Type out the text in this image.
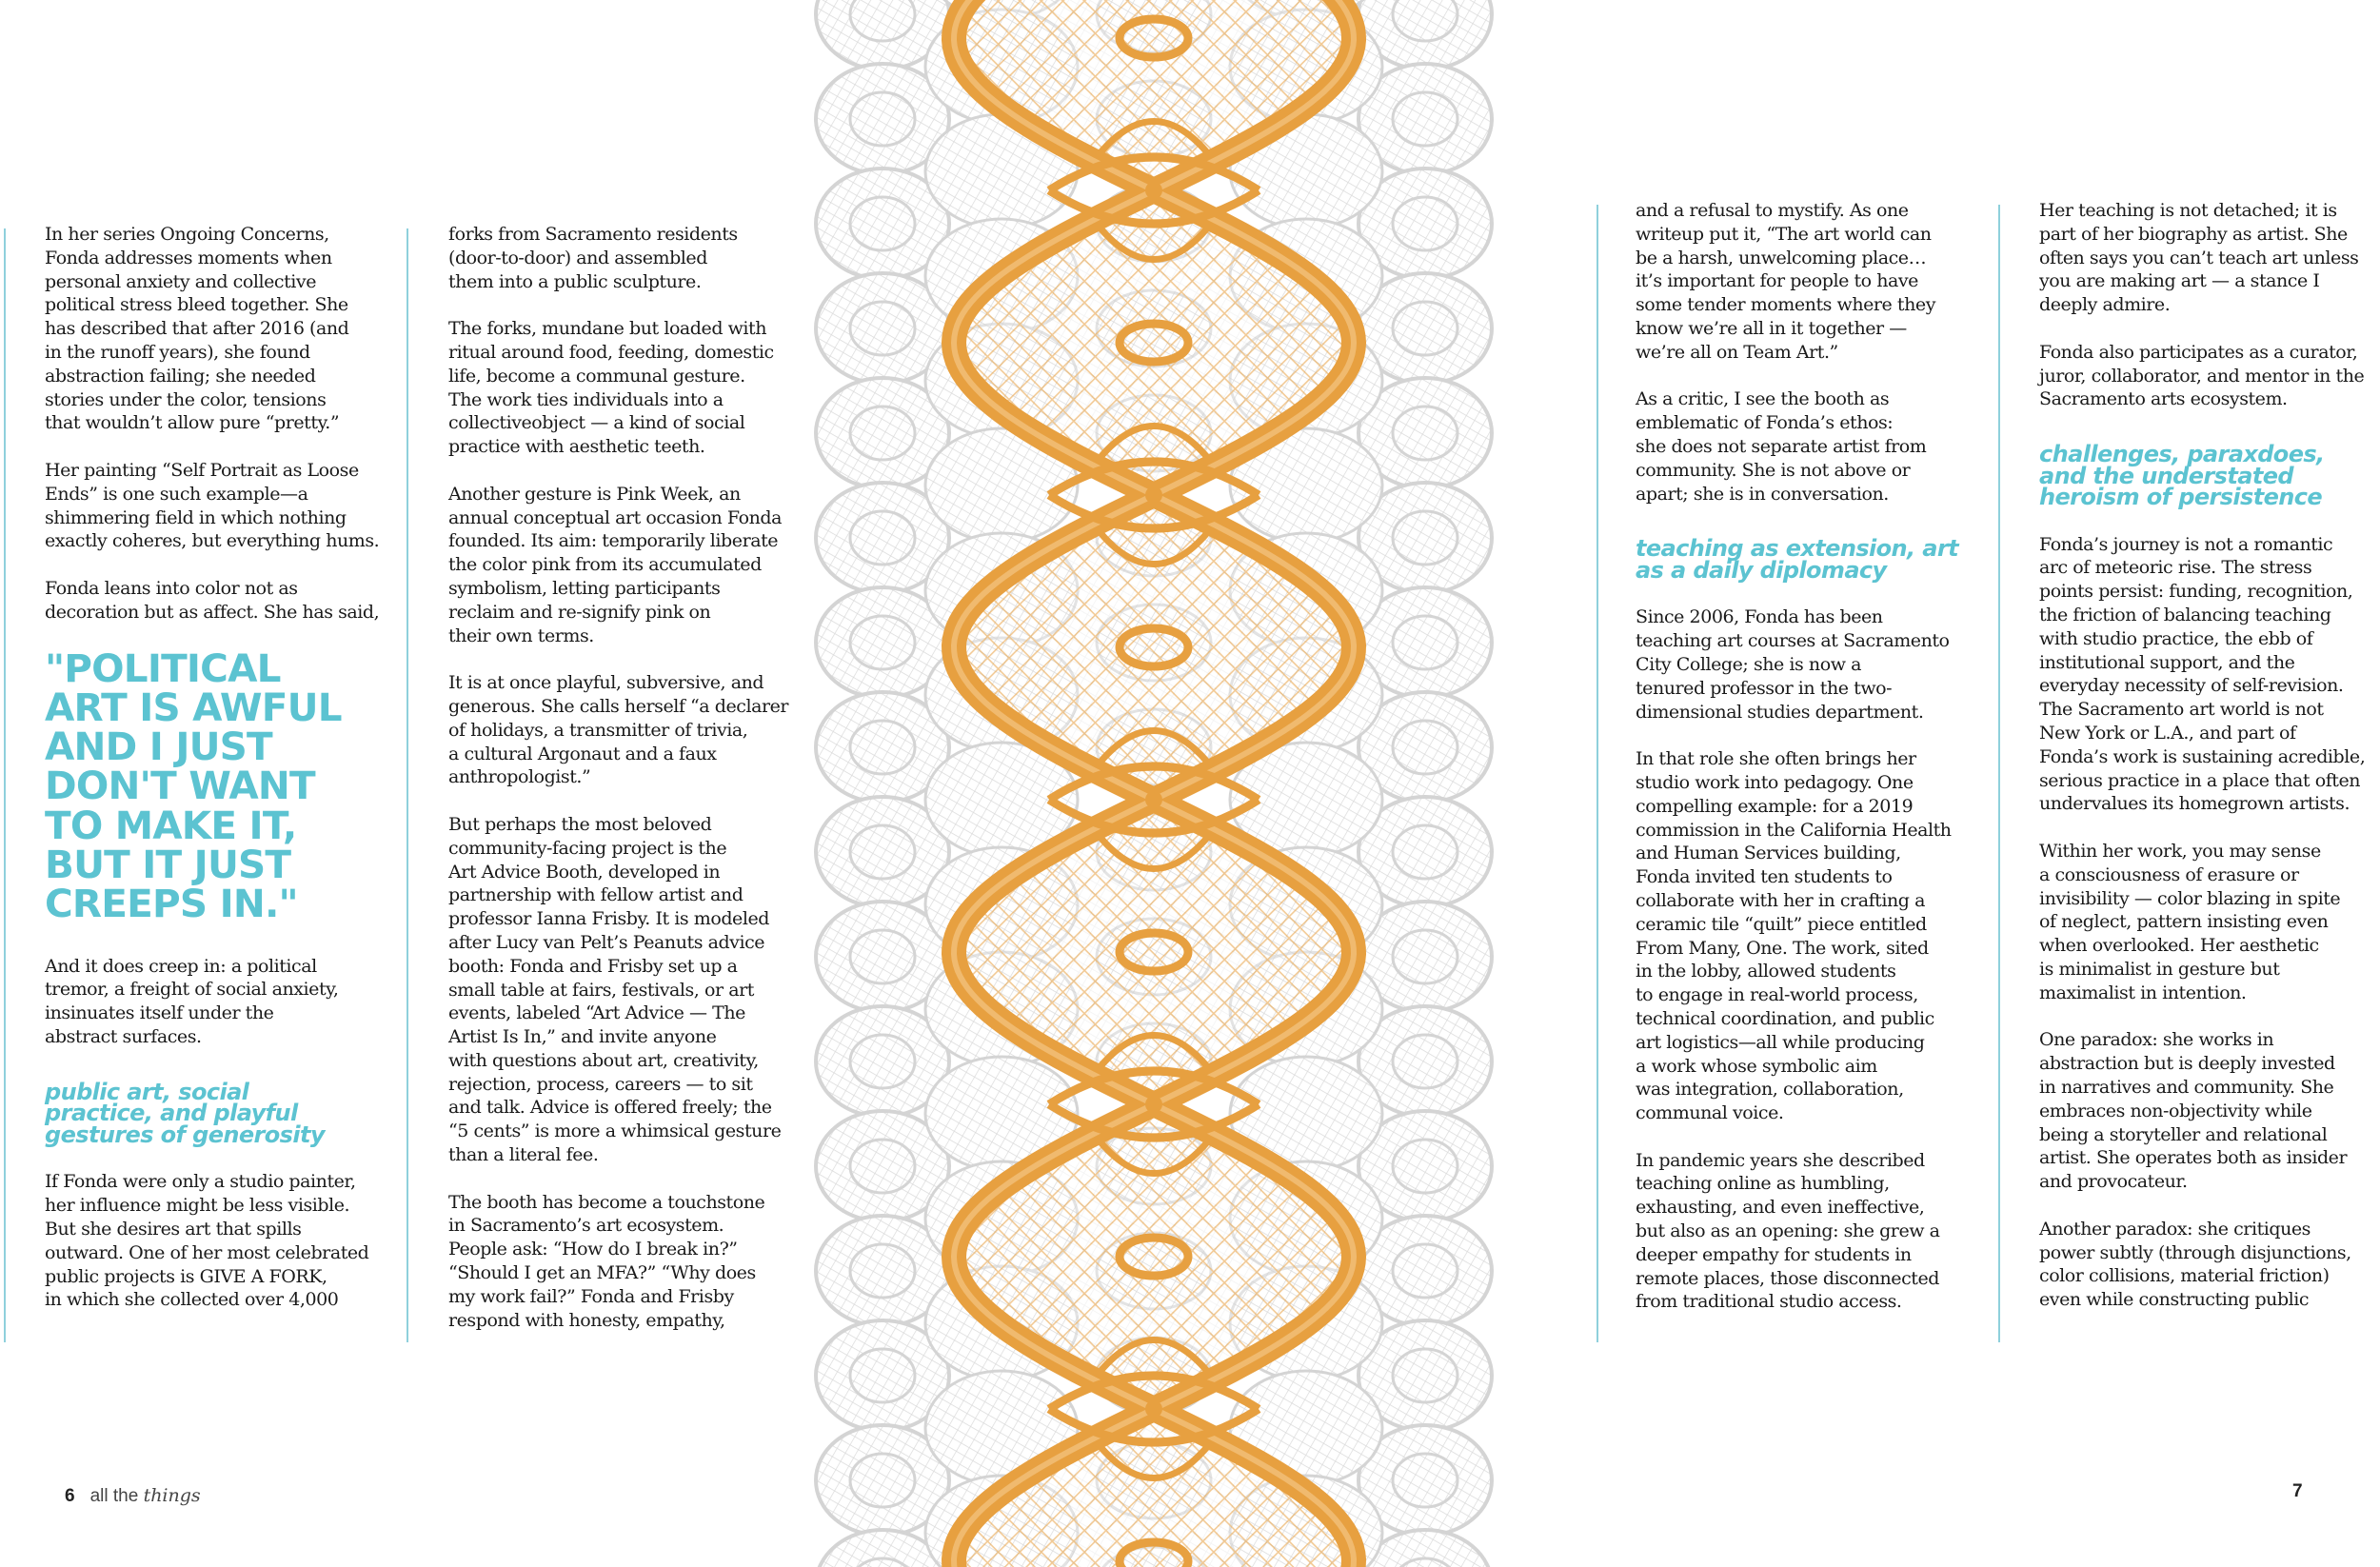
In her series Ongoing Concerns,
Fonda addresses moments when
personal anxiety and collective
political stress bleed together. She
has described that after 2016 (and
in the runoff years), she found
abstraction failing; she needed
stories under the color, tensions
that wouldn’t allow pure “pretty.”

Her painting “Self Portrait as Loose
Ends” is one such example—a
shimmering field in which nothing
exactly coheres, but everything hums.

Fonda leans into color not as
decoration but as affect. She has said,

"POLITICAL
ART IS AWFUL
AND I JUST
DON'T WANT
TO MAKE IT,
BUT IT JUST
CREEPS IN."

And it does creep in: a political
tremor, a freight of social anxiety,
insinuates itself under the
abstract surfaces.

public art, social
practice, and playful
gestures of generosity

If Fonda were only a studio painter,
her influence might be less visible.
But she desires art that spills
outward. One of her most celebrated
public projects is GIVE A FORK,
in which she collected over 4,000

forks from Sacramento residents
(door-to-door) and assembled
them into a public sculpture.

The forks, mundane but loaded with
ritual around food, feeding, domestic
life, become a communal gesture.
The work ties individuals into a
collectiveobject — a kind of social
practice with aesthetic teeth.

Another gesture is Pink Week, an
annual conceptual art occasion Fonda
founded. Its aim: temporarily liberate
the color pink from its accumulated
symbolism, letting participants
reclaim and re-signify pink on
their own terms.

It is at once playful, subversive, and
generous. She calls herself “a declarer
of holidays, a transmitter of trivia,
a cultural Argonaut and a faux
anthropologist.”

But perhaps the most beloved
community-facing project is the
Art Advice Booth, developed in
partnership with fellow artist and
professor Ianna Frisby. It is modeled
after Lucy van Pelt’s Peanuts advice
booth: Fonda and Frisby set up a
small table at fairs, festivals, or art
events, labeled “Art Advice — The
Artist Is In,” and invite anyone
with questions about art, creativity,
rejection, process, careers — to sit
and talk. Advice is offered freely; the
“5 cents” is more a whimsical gesture
than a literal fee.

The booth has become a touchstone
in Sacramento’s art ecosystem.
People ask: “How do I break in?”
“Should I get an MFA?” “Why does
my work fail?” Fonda and Frisby
respond with honesty, empathy,

and a refusal to mystify. As one
writeup put it, “The art world can
be a harsh, unwelcoming place…
it’s important for people to have
some tender moments where they
know we’re all in it together —
we’re all on Team Art.”

As a critic, I see the booth as
emblematic of Fonda’s ethos:
she does not separate artist from
community. She is not above or
apart; she is in conversation.

teaching as extension, art
as a daily diplomacy

Since 2006, Fonda has been
teaching art courses at Sacramento
City College; she is now a
tenured professor in the two-
dimensional studies department.

In that role she often brings her
studio work into pedagogy. One
compelling example: for a 2019
commission in the California Health
and Human Services building,
Fonda invited ten students to
collaborate with her in crafting a
ceramic tile “quilt” piece entitled
From Many, One. The work, sited
in the lobby, allowed students
to engage in real-world process,
technical coordination, and public
art logistics—all while producing
a work whose symbolic aim
was integration, collaboration,
communal voice.

In pandemic years she described
teaching online as humbling,
exhausting, and even ineffective,
but also as an opening: she grew a
deeper empathy for students in
remote places, those disconnected
from traditional studio access.

Her teaching is not detached; it is
part of her biography as artist. She
often says you can’t teach art unless
you are making art — a stance I
deeply admire.

Fonda also participates as a curator,
juror, collaborator, and mentor in the
Sacramento arts ecosystem.

challenges, paraxdoes,
and the understated
heroism of persistence

Fonda’s journey is not a romantic
arc of meteoric rise. The stress
points persist: funding, recognition,
the friction of balancing teaching
with studio practice, the ebb of
institutional support, and the
everyday necessity of self-revision.
The Sacramento art world is not
New York or L.A., and part of
Fonda’s work is sustaining acredible,
serious practice in a place that often
undervalues its homegrown artists.

Within her work, you may sense
a consciousness of erasure or
invisibility — color blazing in spite
of neglect, pattern insisting even
when overlooked. Her aesthetic
is minimalist in gesture but
maximalist in intention.

One paradox: she works in
abstraction but is deeply invested
in narratives and community. She
embraces non-objectivity while
being a storyteller and relational
artist. She operates both as insider
and provocateur.

Another paradox: she critiques
power subtly (through disjunctions,
color collisions, material friction)
even while constructing public

6 all the things	7
